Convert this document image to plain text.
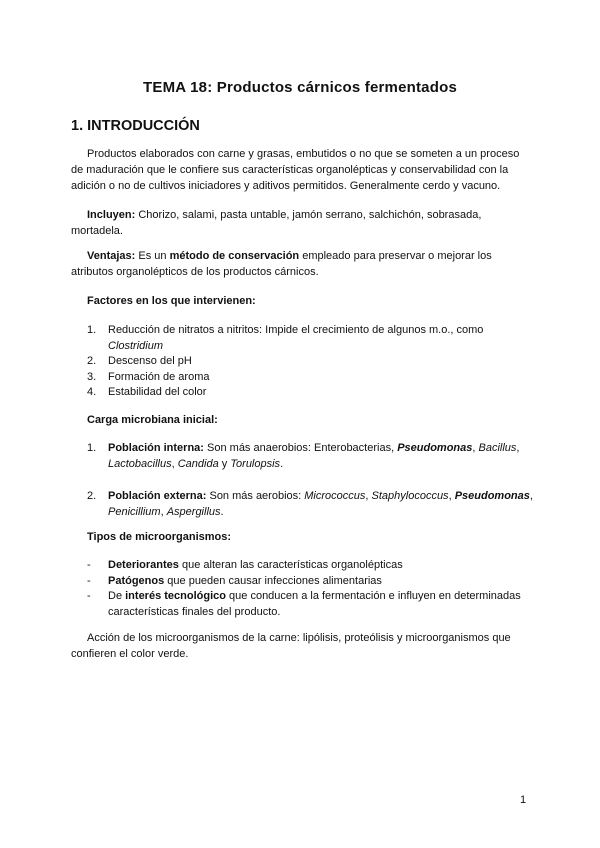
TEMA 18: Productos cárnicos fermentados
1. INTRODUCCIÓN

Productos elaborados con carne y grasas, embutidos o no que se someten a un proceso de maduración que le confiere sus características organolépticas y conservabilidad con la adición o no de cultivos iniciadores y aditivos permitidos. Generalmente cerdo y vacuno.

Incluyen: Chorizo, salami, pasta untable, jamón serrano, salchichón, sobrasada, mortadela.

Ventajas: Es un método de conservación empleado para preservar o mejorar los atributos organolépticos de los productos cárnicos.

Factores en los que intervienen:
1. Reducción de nitratos a nitritos: Impide el crecimiento de algunos m.o., como Clostridium
2. Descenso del pH
3. Formación de aroma
4. Estabilidad del color
Carga microbiana inicial:
1. Población interna: Son más anaerobios: Enterobacterias, Pseudomonas, Bacillus, Lactobacillus, Candida y Torulopsis.
2. Población externa: Son más aerobios: Micrococcus, Staphylococcus, Pseudomonas, Penicillium, Aspergillus.
Tipos de microorganismos:
- Deteriorantes que alteran las características organolépticas
- Patógenos que pueden causar infecciones alimentarias
- De interés tecnológico que conducen a la fermentación e influyen en determinadas características finales del producto.

Acción de los microorganismos de la carne: lipólisis, proteólisis y microorganismos que confieren el color verde.

1
